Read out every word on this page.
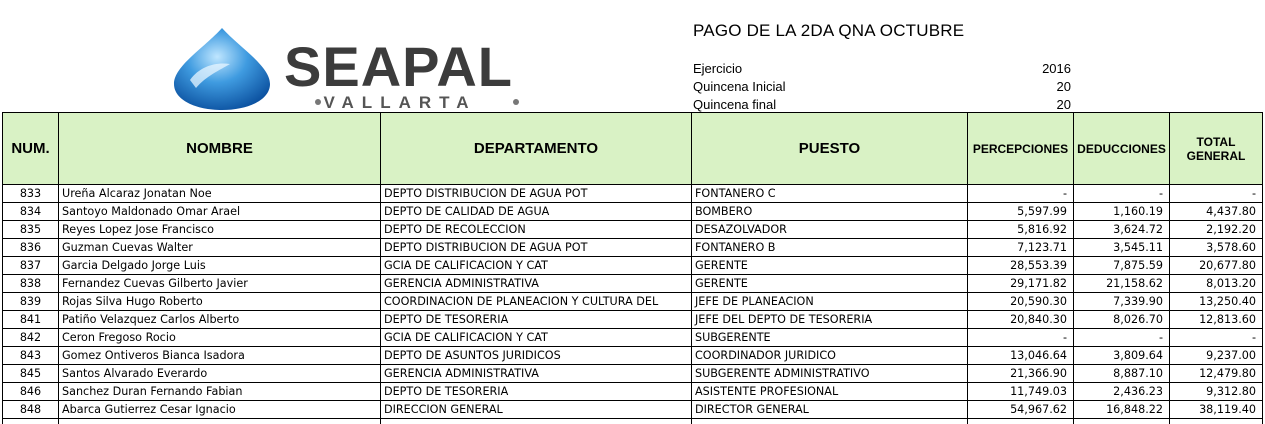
SEAPAL
VALLARTA
PAGO DE LA 2DA QNA OCTUBRE
Ejercicio	2016
Quincena Inicial	20
Quincena final	20
NUM.	NOMBRE	DEPARTAMENTO	PUESTO	PERCEPCIONES	DEDUCCIONES	TOTAL
GENERAL
833	Ureña Alcaraz Jonatan Noe	DEPTO DISTRIBUCION DE AGUA POT	FONTANERO C	-	-	-
834	Santoyo Maldonado Omar Arael	DEPTO DE CALIDAD DE AGUA	BOMBERO	5,597.99	1,160.19	4,437.80
835	Reyes Lopez Jose Francisco	DEPTO DE RECOLECCION	DESAZOLVADOR	5,816.92	3,624.72	2,192.20
836	Guzman Cuevas Walter	DEPTO DISTRIBUCION DE AGUA POT	FONTANERO B	7,123.71	3,545.11	3,578.60
837	Garcia Delgado Jorge Luis	GCIA DE CALIFICACION Y CAT	GERENTE	28,553.39	7,875.59	20,677.80
838	Fernandez Cuevas Gilberto Javier	GERENCIA ADMINISTRATIVA	GERENTE	29,171.82	21,158.62	8,013.20
839	Rojas Silva Hugo Roberto	COORDINACION DE PLANEACION Y CULTURA DEL	JEFE DE PLANEACION	20,590.30	7,339.90	13,250.40
841	Patiño Velazquez Carlos Alberto	DEPTO DE TESORERIA	JEFE DEL DEPTO DE TESORERIA	20,840.30	8,026.70	12,813.60
842	Ceron Fregoso Rocio	GCIA DE CALIFICACION Y CAT	SUBGERENTE	-	-	-
843	Gomez Ontiveros Bianca Isadora	DEPTO DE ASUNTOS JURIDICOS	COORDINADOR JURIDICO	13,046.64	3,809.64	9,237.00
845	Santos Alvarado Everardo	GERENCIA ADMINISTRATIVA	SUBGERENTE ADMINISTRATIVO	21,366.90	8,887.10	12,479.80
846	Sanchez Duran Fernando Fabian	DEPTO DE TESORERIA	ASISTENTE PROFESIONAL	11,749.03	2,436.23	9,312.80
848	Abarca Gutierrez Cesar Ignacio	DIRECCION GENERAL	DIRECTOR GENERAL	54,967.62	16,848.22	38,119.40
